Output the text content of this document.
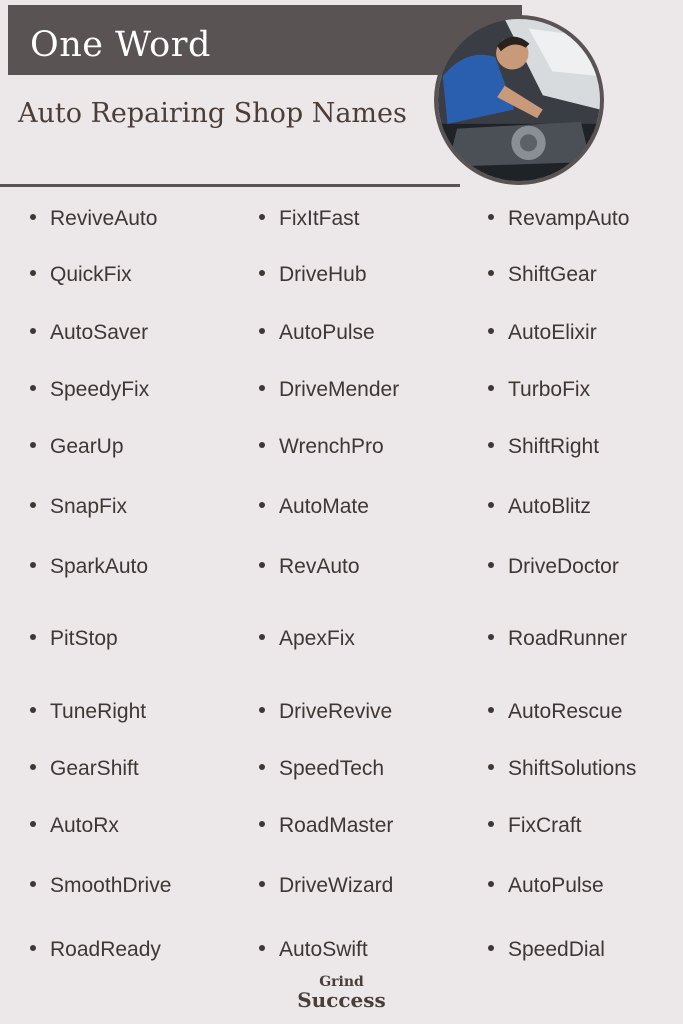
One Word
Auto Repairing Shop Names
ReviveAuto
QuickFix
AutoSaver
SpeedyFix
GearUp
SnapFix
SparkAuto
PitStop
TuneRight
GearShift
AutoRx
SmoothDrive
RoadReady
FixItFast
DriveHub
AutoPulse
DriveMender
WrenchPro
AutoMate
RevAuto
ApexFix
DriveRevive
SpeedTech
RoadMaster
DriveWizard
AutoSwift
RevampAuto
ShiftGear
AutoElixir
TurboFix
ShiftRight
AutoBlitz
DriveDoctor
RoadRunner
AutoRescue
ShiftSolutions
FixCraft
AutoPulse
SpeedDial
Grind
Success
